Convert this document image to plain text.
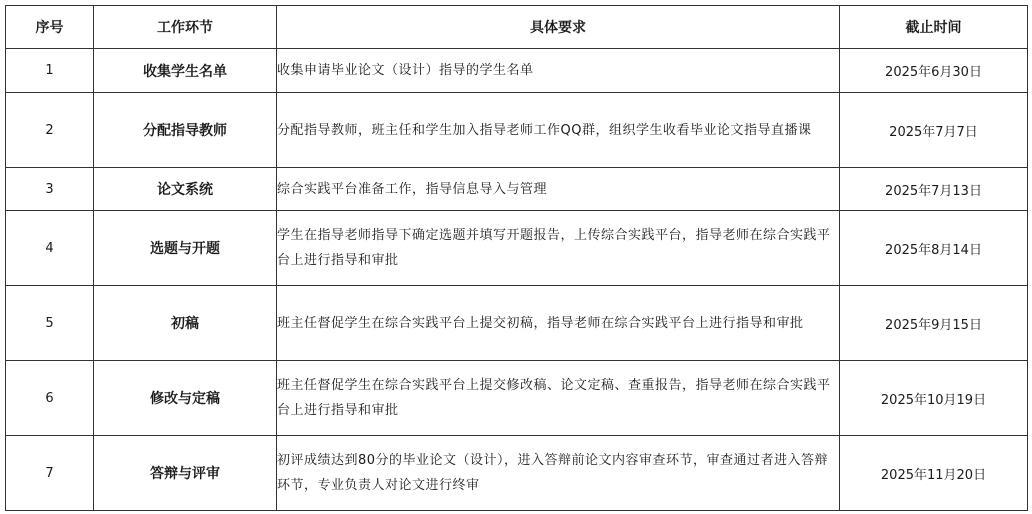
序号	工作环节	具体要求	截止时间
1	收集学生名单	收集申请毕业论文（设计）指导的学生名单	2025年6月30日
2	分配指导教师	分配指导教师，班主任和学生加入指导老师工作QQ群，组织学生收看毕业论文指导直播课	2025年7月7日
3	论文系统	综合实践平台准备工作，指导信息导入与管理	2025年7月13日
4	选题与开题	学生在指导老师指导下确定选题并填写开题报告，上传综合实践平台，指导老师在综合实践平台上进行指导和审批	2025年8月14日
5	初稿	班主任督促学生在综合实践平台上提交初稿，指导老师在综合实践平台上进行指导和审批	2025年9月15日
6	修改与定稿	班主任督促学生在综合实践平台上提交修改稿、论文定稿、查重报告，指导老师在综合实践平台上进行指导和审批	2025年10月19日
7	答辩与评审	初评成绩达到80分的毕业论文（设计），进入答辩前论文内容审查环节，审查通过者进入答辩环节，专业负责人对论文进行终审	2025年11月20日
